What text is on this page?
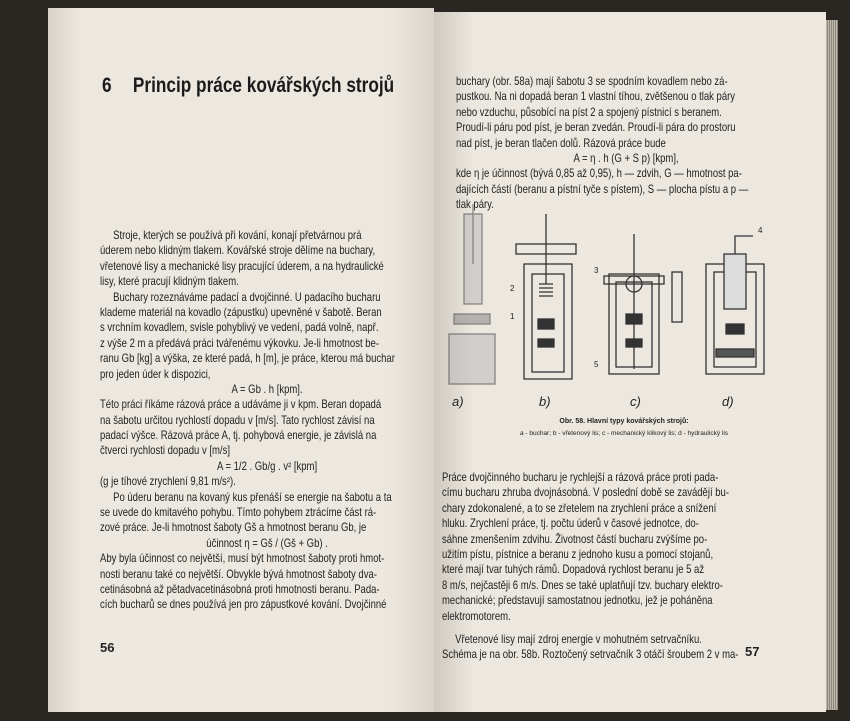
6 Princip práce kovářských strojů
Stroje, kterých se používá při kování, konají přetvárnou prá
úderem nebo klidným tlakem. Kovářské stroje dělíme na buchary,
vřetenové lisy a mechanické lisy pracující úderem, a na hydraulické
lisy, které pracují klidným tlakem.
Buchary rozeznáváme padací a dvojčinné. U padacího bucharu
klademe materiál na kovadlo (zápustku) upevněné v šabotě. Beran
s vrchním kovadlem, svisle pohyblivý ve vedení, padá volně, např.
z výše 2 m a předává práci tvářenému výkovku. Je-li hmotnost be-
ranu Gb [kg] a výška, ze které padá, h [m], je práce, kterou má buchar
pro jeden úder k dispozici,
A = Gb . h [kpm].
Této práci říkáme rázová práce a udáváme ji v kpm. Beran dopadá
na šabotu určitou rychlostí dopadu v [m/s]. Tato rychlost závisí na
padací výšce. Rázová práce A, tj. pohybová energie, je závislá na
čtverci rychlosti dopadu v [m/s]
A = 1/2 . Gb/g . v² [kpm]
(g je tíhové zrychlení 9,81 m/s²).
Po úderu beranu na kovaný kus přenáší se energie na šabotu a ta
se uvede do kmitavého pohybu. Tímto pohybem ztrácíme část rá-
zové práce. Je-li hmotnost šaboty Gš a hmotnost beranu Gb, je
účinnost η = Gš / (Gš + Gb) .
Aby byla účinnost co největší, musí být hmotnost šaboty proti hmot-
nosti beranu také co největší. Obvykle bývá hmotnost šaboty dva-
cetinásobná až pětadvacetinásobná proti hmotnosti beranu. Pada-
cích bucharů se dnes používá jen pro zápustkové kování. Dvojčinné
56
buchary (obr. 58a) mají šabotu 3 se spodním kovadlem nebo zá-
pustkou. Na ni dopadá beran 1 vlastní tíhou, zvětšenou o tlak páry
nebo vzduchu, působící na píst 2 a spojený pístnicí s beranem.
Proudí-li páru pod píst, je beran zvedán. Proudí-li pára do prostoru
nad píst, je beran tlačen dolů. Rázová práce bude
A = η . h (G + S p) [kpm],
kde η je účinnost (bývá 0,85 až 0,95), h — zdvih, G — hmotnost pa-
dajících částí (beranu a pístní tyče s pístem), S — plocha pístu a p —
tlak páry.
a)	b)	c)	d)
1
2
3
4
5
Obr. 58. Hlavní typy kovářských strojů:
a - buchar; b - vřetenový lis; c - mechanický klikový lis; d - hydraulický lis
Práce dvojčinného bucharu je rychlejší a rázová práce proti pada-
címu bucharu zhruba dvojnásobná. V poslední době se zavádějí bu-
chary zdokonalené, a to se zřetelem na zrychlení práce a snížení
hluku. Zrychlení práce, tj. počtu úderů v časové jednotce, do-
sáhne zmenšením zdvihu. Životnost částí bucharu zvýšíme po-
užitím pístu, pístnice a beranu z jednoho kusu a pomocí stojanů,
které mají tvar tuhých rámů. Dopadová rychlost beranu je 5 až
8 m/s, nejčastěji 6 m/s. Dnes se také uplatňují tzv. buchary elektro-
mechanické; představují samostatnou jednotku, jež je poháněna
elektromotorem.
Vřetenové lisy mají zdroj energie v mohutném setrvačníku.
Schéma je na obr. 58b. Roztočený setrvačník 3 otáčí šroubem 2 v ma- 57
